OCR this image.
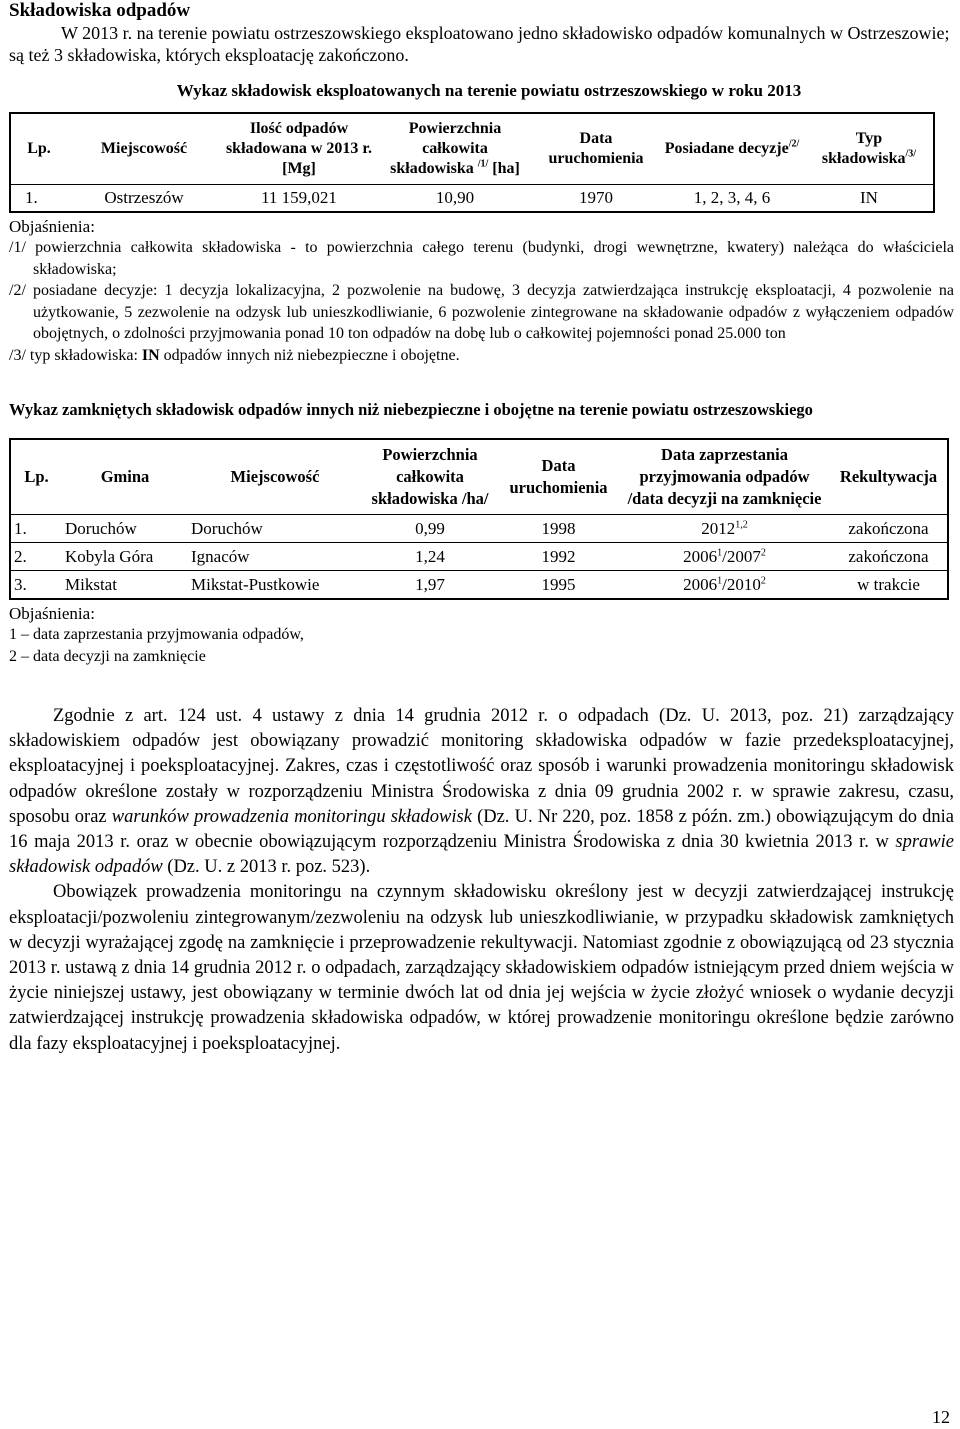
Składowiska odpadów

W 2013 r. na terenie powiatu ostrzeszowskiego eksploatowano jedno składowisko odpadów komunalnych w Ostrzeszowie; są też 3 składowiska, których eksploatację zakończono.

Wykaz składowisk eksploatowanych na terenie powiatu ostrzeszowskiego w roku 2013
Lp.	Miejscowość	Ilość odpadów składowana w 2013 r. [Mg]	Powierzchnia całkowita składowiska $^{/1/}$ [ha]	Data uruchomienia	Posiadane decyzje$^{/2/}$	Typ składowiska$^{/3/}$
1.	Ostrzeszów	11 159,021	10,90	1970	1, 2, 3, 4, 6	IN
Objaśnienia:

/1/ powierzchnia całkowita składowiska - to powierzchnia całego terenu (budynki, drogi wewnętrzne, kwatery) należąca do właściciela składowiska;

/2/ posiadane decyzje: 1 decyzja lokalizacyjna, 2 pozwolenie na budowę, 3 decyzja zatwierdzająca instrukcję eksploatacji, 4 pozwolenie na użytkowanie, 5 zezwolenie na odzysk lub unieszkodliwianie, 6 pozwolenie zintegrowane na składowanie odpadów z wyłączeniem odpadów obojętnych, o zdolności przyjmowania ponad 10 ton odpadów na dobę lub o całkowitej pojemności ponad 25.000 ton

/3/ typ składowiska: IN odpadów innych niż niebezpieczne i obojętne.

Wykaz zamkniętych składowisk odpadów innych niż niebezpieczne i obojętne na terenie powiatu ostrzeszowskiego
Lp.	Gmina	Miejscowość	Powierzchnia całkowita składowiska /ha/	Data uruchomienia	Data zaprzestania przyjmowania odpadów /data decyzji na zamknięcie	Rekultywacja
1.	Doruchów	Doruchów	0,99	1998	2012$^{1,2}$	zakończona
2.	Kobyla Góra	Ignaców	1,24	1992	2006$^1$/2007$^2$	zakończona
3.	Mikstat	Mikstat-Pustkowie	1,97	1995	2006$^1$/2010$^2$	w trakcie
Objaśnienia:

1 – data zaprzestania przyjmowania odpadów,

2 – data decyzji na zamknięcie

Zgodnie z art. 124 ust. 4 ustawy z dnia 14 grudnia 2012 r. o odpadach (Dz. U. 2013, poz. 21) zarządzający składowiskiem odpadów jest obowiązany prowadzić monitoring składowiska odpadów w fazie przedeksploatacyjnej, eksploatacyjnej i poeksploatacyjnej. Zakres, czas i częstotliwość oraz sposób i warunki prowadzenia monitoringu składowisk odpadów określone zostały w rozporządzeniu Ministra Środowiska z dnia 09 grudnia 2002 r. w sprawie zakresu, czasu, sposobu oraz warunków prowadzenia monitoringu składowisk (Dz. U. Nr 220, poz. 1858 z późn. zm.) obowiązującym do dnia 16 maja 2013 r. oraz w obecnie obowiązującym rozporządzeniu Ministra Środowiska z dnia 30 kwietnia 2013 r. w sprawie składowisk odpadów (Dz. U. z 2013 r. poz. 523).

Obowiązek prowadzenia monitoringu na czynnym składowisku określony jest w decyzji zatwierdzającej instrukcję eksploatacji/pozwoleniu zintegrowanym/zezwoleniu na odzysk lub unieszkodliwianie, w przypadku składowisk zamkniętych w decyzji wyrażającej zgodę na zamknięcie i przeprowadzenie rekultywacji. Natomiast zgodnie z obowiązującą od 23 stycznia 2013 r. ustawą z dnia 14 grudnia 2012 r. o odpadach, zarządzający składowiskiem odpadów istniejącym przed dniem wejścia w życie niniejszej ustawy, jest obowiązany w terminie dwóch lat od dnia jej wejścia w życie złożyć wniosek o wydanie decyzji zatwierdzającej instrukcję prowadzenia składowiska odpadów, w której prowadzenie monitoringu określone będzie zarówno dla fazy eksploatacyjnej i poeksploatacyjnej.

12
